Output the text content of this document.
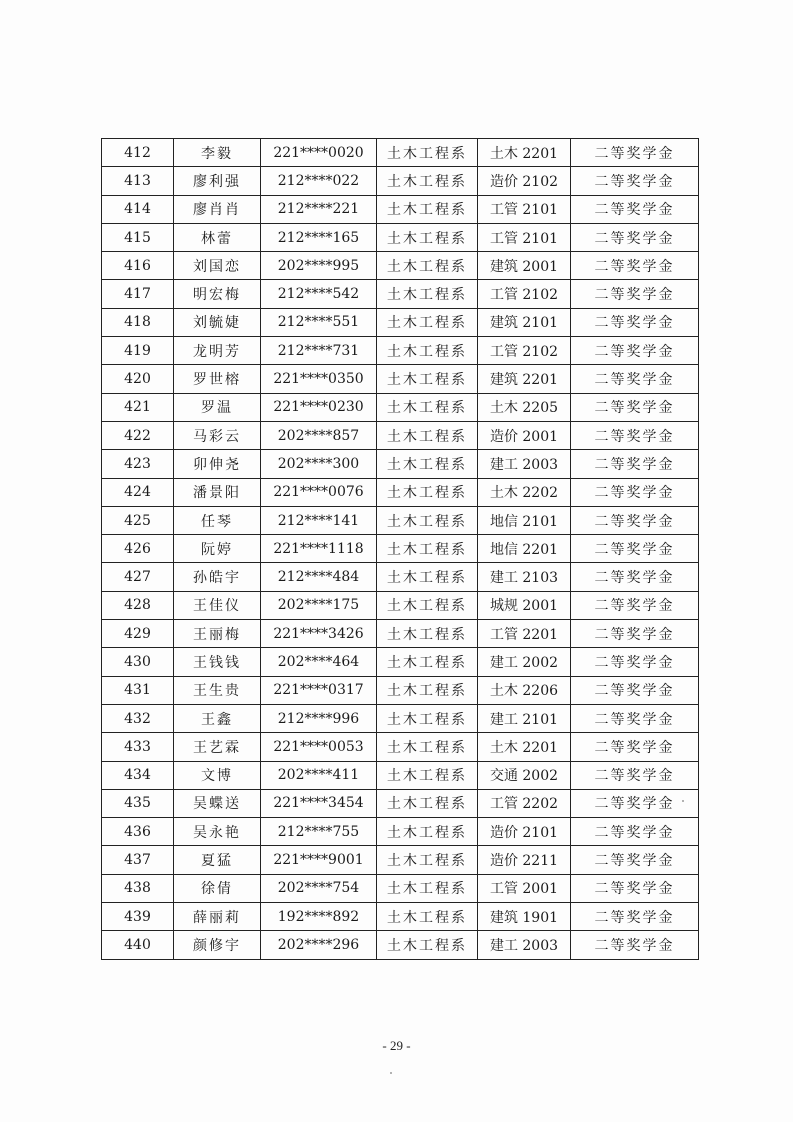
412	李毅	221****0020	土木工程系	土木 2201	二等奖学金
413	廖利强	212****022	土木工程系	造价 2102	二等奖学金
414	廖肖肖	212****221	土木工程系	工管 2101	二等奖学金
415	林蕾	212****165	土木工程系	工管 2101	二等奖学金
416	刘国恋	202****995	土木工程系	建筑 2001	二等奖学金
417	明宏梅	212****542	土木工程系	工管 2102	二等奖学金
418	刘毓婕	212****551	土木工程系	建筑 2101	二等奖学金
419	龙明芳	212****731	土木工程系	工管 2102	二等奖学金
420	罗世榕	221****0350	土木工程系	建筑 2201	二等奖学金
421	罗温	221****0230	土木工程系	土木 2205	二等奖学金
422	马彩云	202****857	土木工程系	造价 2001	二等奖学金
423	卯伸尧	202****300	土木工程系	建工 2003	二等奖学金
424	潘景阳	221****0076	土木工程系	土木 2202	二等奖学金
425	任琴	212****141	土木工程系	地信 2101	二等奖学金
426	阮婷	221****1118	土木工程系	地信 2201	二等奖学金
427	孙皓宇	212****484	土木工程系	建工 2103	二等奖学金
428	王佳仪	202****175	土木工程系	城规 2001	二等奖学金
429	王丽梅	221****3426	土木工程系	工管 2201	二等奖学金
430	王钱钱	202****464	土木工程系	建工 2002	二等奖学金
431	王生贵	221****0317	土木工程系	土木 2206	二等奖学金
432	王鑫	212****996	土木工程系	建工 2101	二等奖学金
433	王艺霖	221****0053	土木工程系	土木 2201	二等奖学金
434	文博	202****411	土木工程系	交通 2002	二等奖学金
435	吴蝶送	221****3454	土木工程系	工管 2202	二等奖学金
436	吴永艳	212****755	土木工程系	造价 2101	二等奖学金
437	夏猛	221****9001	土木工程系	造价 2211	二等奖学金
438	徐倩	202****754	土木工程系	工管 2001	二等奖学金
439	薛丽莉	192****892	土木工程系	建筑 1901	二等奖学金
440	颜修宇	202****296	土木工程系	建工 2003	二等奖学金
- 29 -
